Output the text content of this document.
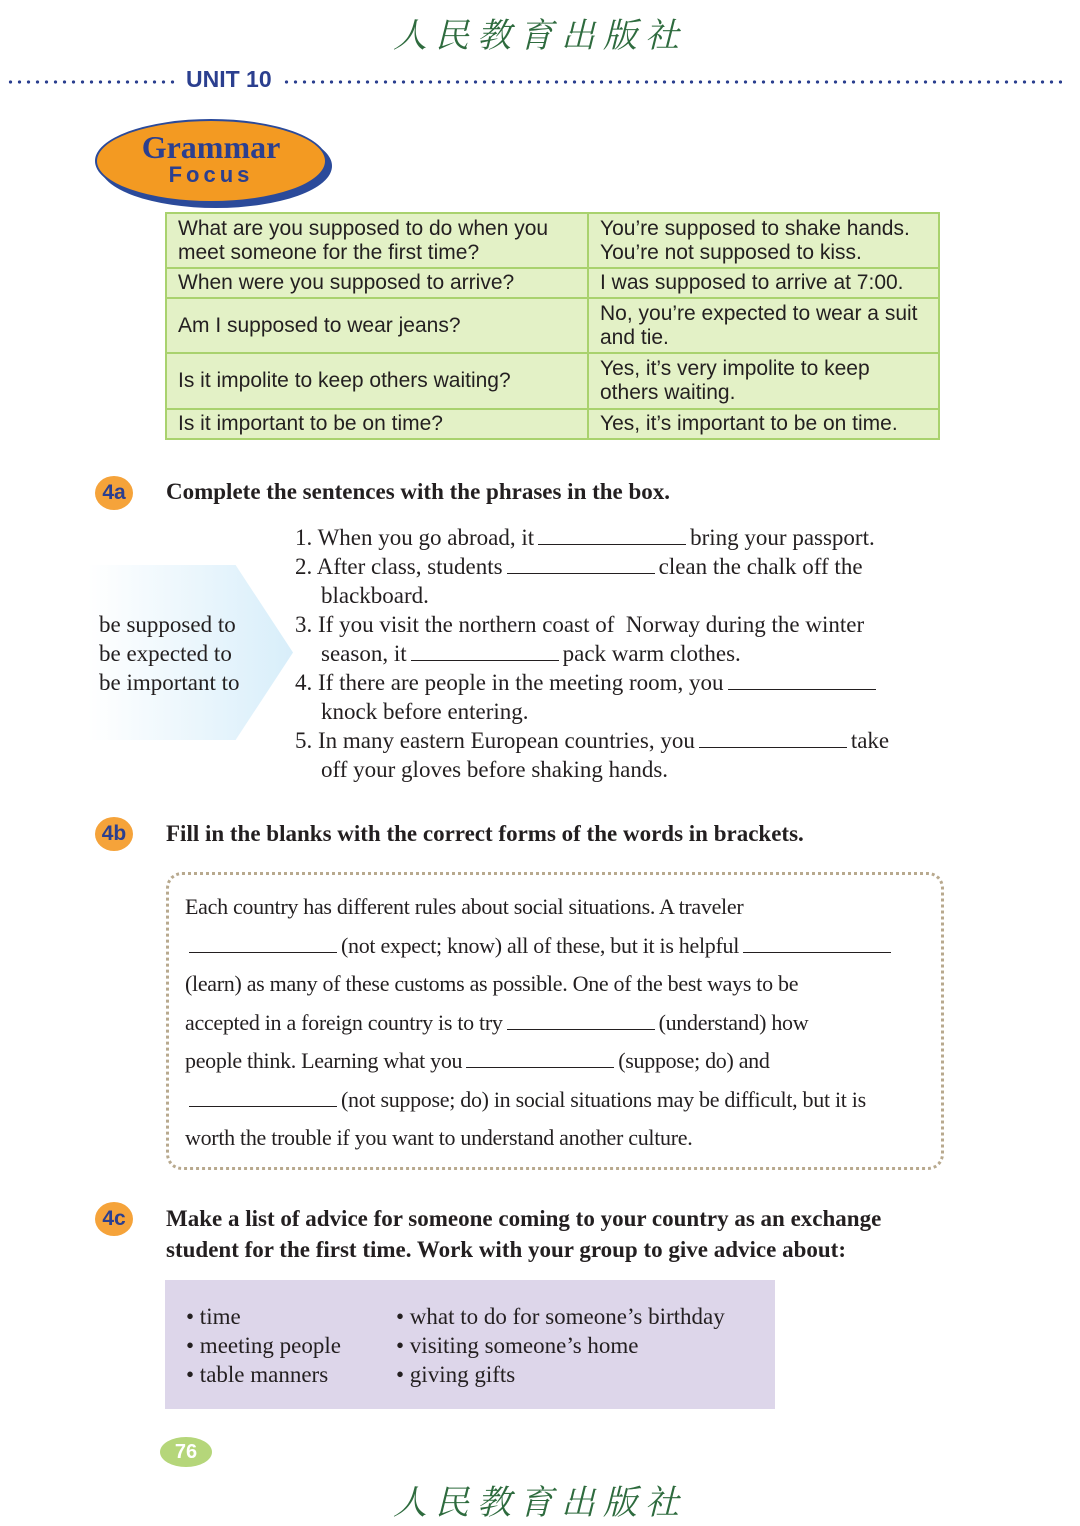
人民教育出版社
UNIT 10
Grammar
Focus
What are you supposed to do when you meet someone for the first time?	You’re supposed to shake hands. You’re not supposed to kiss.
When were you supposed to arrive?	I was supposed to arrive at 7:00.
Am I supposed to wear jeans?	No, you’re expected to wear a suit and tie.
Is it impolite to keep others waiting?	Yes, it’s very impolite to keep others waiting.
Is it important to be on time?	Yes, it’s important to be on time.
4a	Complete the sentences with the phrases in the box.
be supposed to
be expected to
be important to
1. When you go abroad, it	bring your passport.
2. After class, students	clean the chalk off the
blackboard.
3. If you visit the northern coast of  Norway during the winter
season, it	pack warm clothes.
4. If there are people in the meeting room, you
knock before entering.
5. In many eastern European countries, you	take
off your gloves before shaking hands.
4b Fill in the blanks with the correct forms of the words in brackets.
Each country has different rules about social situations. A traveler
(not expect; know) all of these, but it is helpful
(learn) as many of these customs as possible. One of the best ways to be
accepted in a foreign country is to try	(understand) how
people think. Learning what you	(suppose; do) and
(not suppose; do) in social situations may be difficult, but it is
worth the trouble if you want to understand another culture.
4c	Make a list of advice for someone coming to your country as an exchange
student for the first time. Work with your group to give advice about:
• time
• meeting people
• table manners
• what to do for someone’s birthday
• visiting someone’s home
• giving gifts
76
人民教育出版社
